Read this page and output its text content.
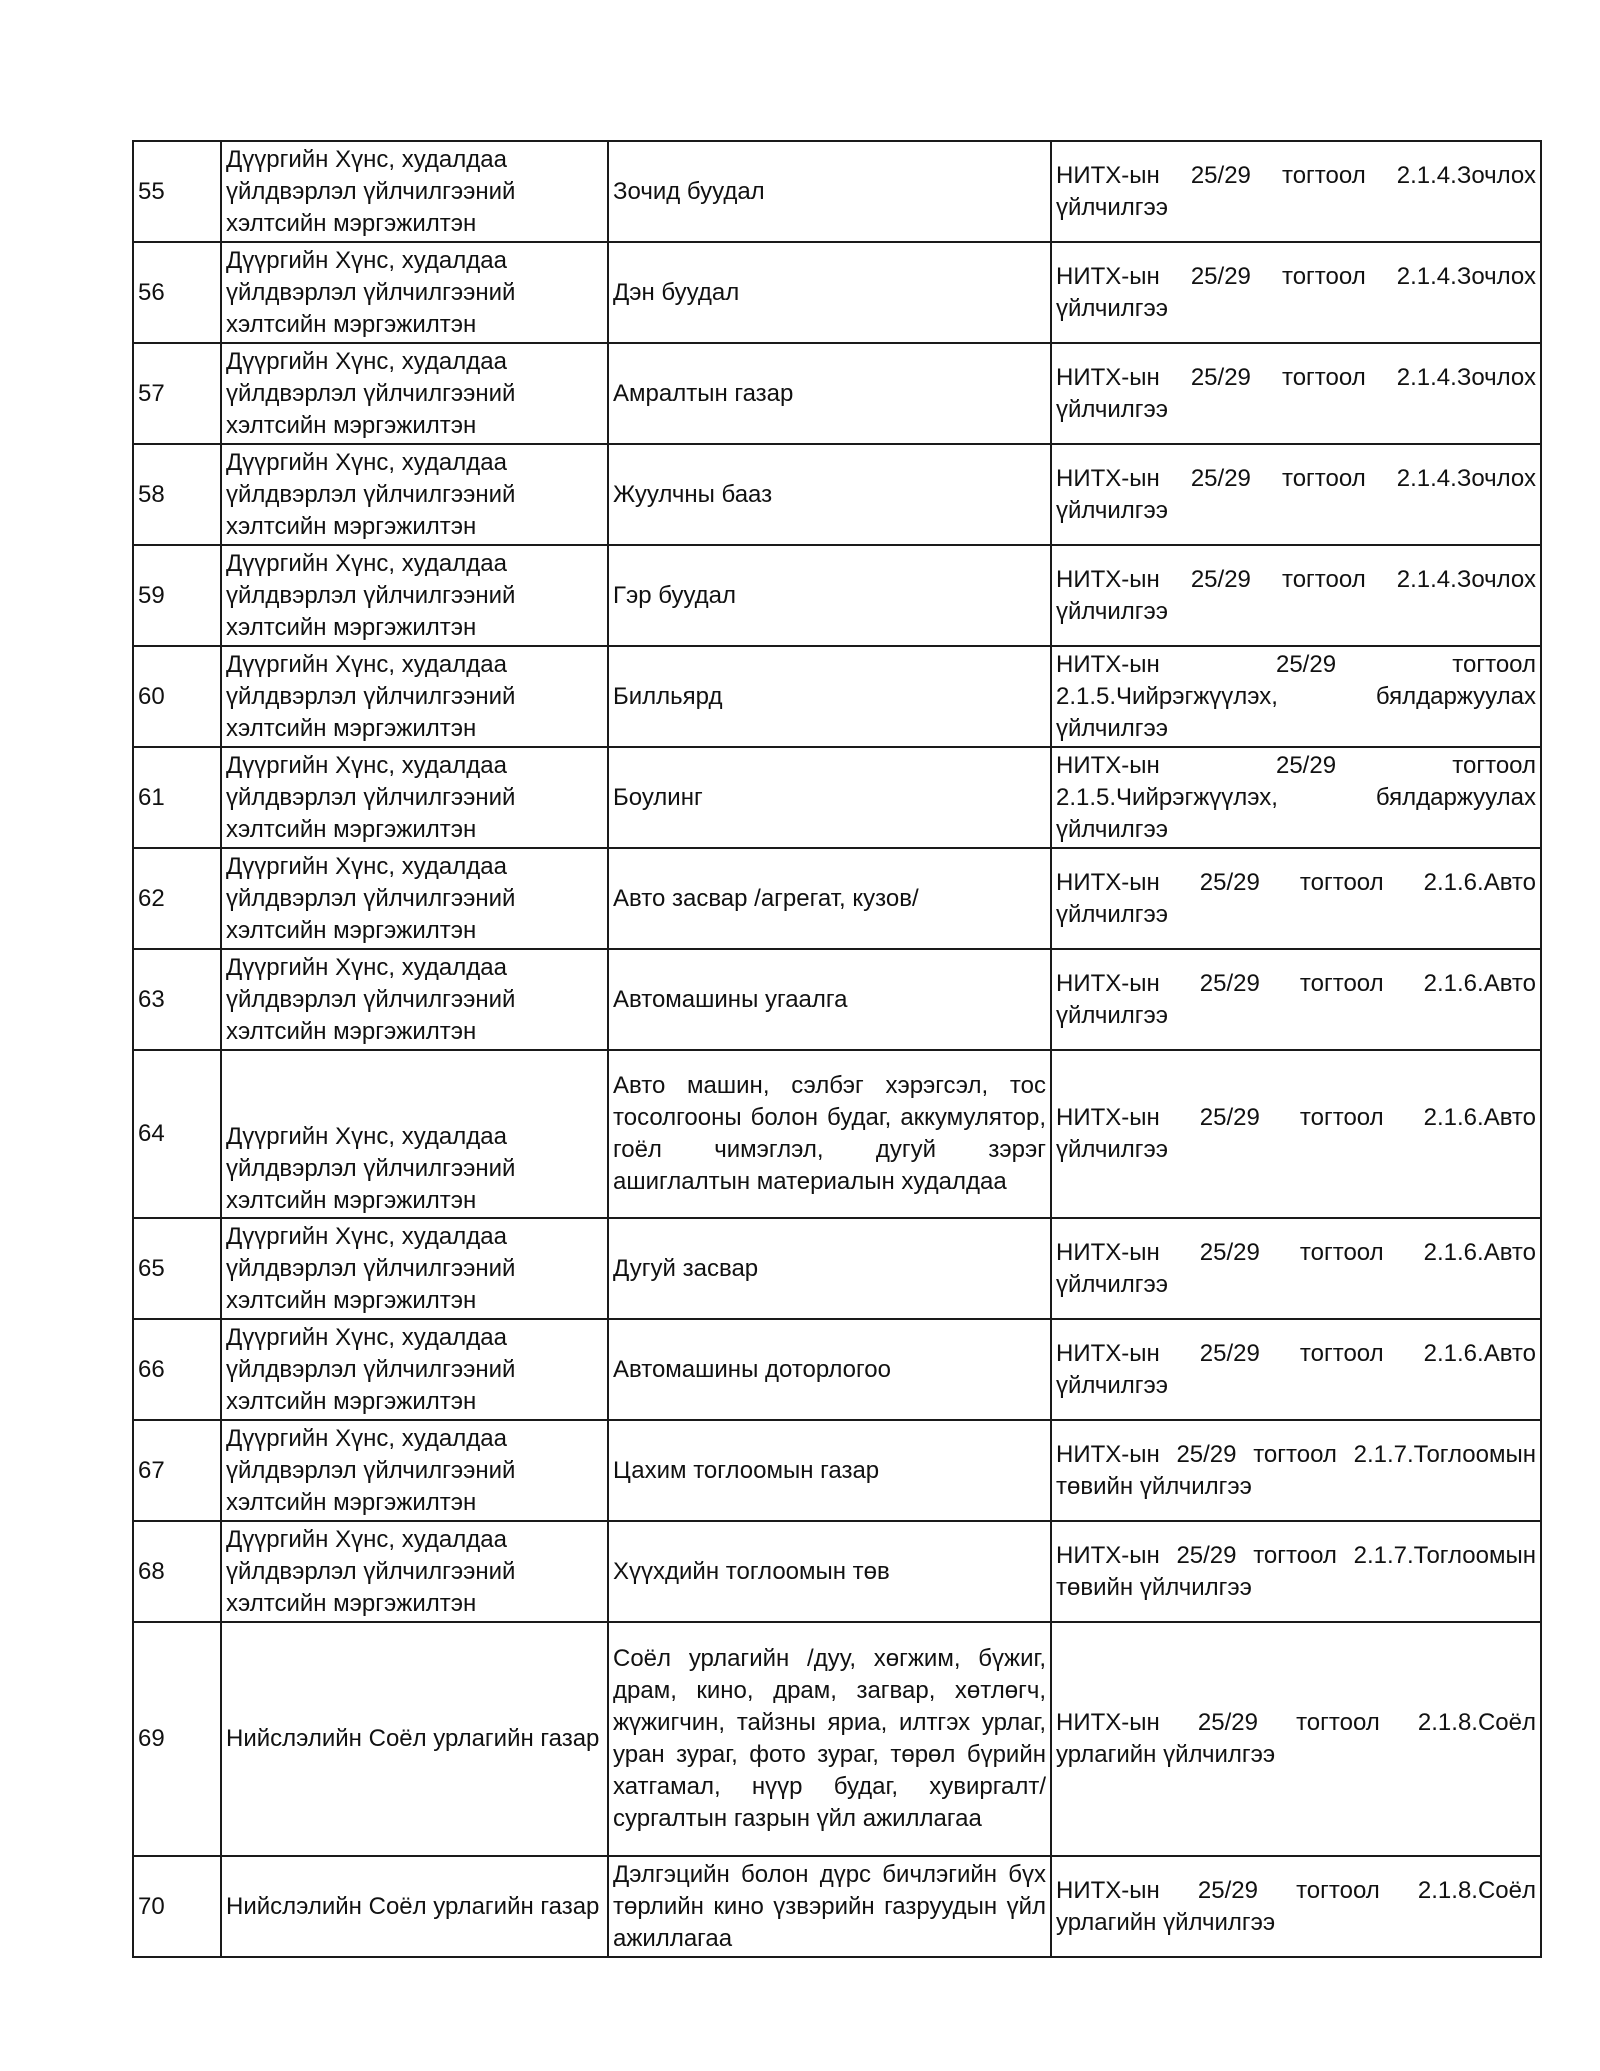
55	Дүүргийн Хүнс, худалдаа үйлдвэрлэл үйлчилгээний хэлтсийн мэргэжилтэн	Зочид буудал	НИТХ-ын 25/29 тогтоол 2.1.4.Зочлох үйлчилгээ
56	Дүүргийн Хүнс, худалдаа үйлдвэрлэл үйлчилгээний хэлтсийн мэргэжилтэн	Дэн буудал	НИТХ-ын 25/29 тогтоол 2.1.4.Зочлох үйлчилгээ
57	Дүүргийн Хүнс, худалдаа үйлдвэрлэл үйлчилгээний хэлтсийн мэргэжилтэн	Амралтын газар	НИТХ-ын 25/29 тогтоол 2.1.4.Зочлох үйлчилгээ
58	Дүүргийн Хүнс, худалдаа үйлдвэрлэл үйлчилгээний хэлтсийн мэргэжилтэн	Жуулчны бааз	НИТХ-ын 25/29 тогтоол 2.1.4.Зочлох үйлчилгээ
59	Дүүргийн Хүнс, худалдаа үйлдвэрлэл үйлчилгээний хэлтсийн мэргэжилтэн	Гэр буудал	НИТХ-ын 25/29 тогтоол 2.1.4.Зочлох үйлчилгээ
60	Дүүргийн Хүнс, худалдаа үйлдвэрлэл үйлчилгээний хэлтсийн мэргэжилтэн	Билльярд	НИТХ-ын 25/29 тогтоол 2.1.5.Чийрэгжүүлэх, бялдаржуулах үйлчилгээ
61	Дүүргийн Хүнс, худалдаа үйлдвэрлэл үйлчилгээний хэлтсийн мэргэжилтэн	Боулинг	НИТХ-ын 25/29 тогтоол 2.1.5.Чийрэгжүүлэх, бялдаржуулах үйлчилгээ
62	Дүүргийн Хүнс, худалдаа үйлдвэрлэл үйлчилгээний хэлтсийн мэргэжилтэн	Авто засвар /агрегат, кузов/	НИТХ-ын 25/29 тогтоол 2.1.6.Авто үйлчилгээ
63	Дүүргийн Хүнс, худалдаа үйлдвэрлэл үйлчилгээний хэлтсийн мэргэжилтэн	Автомашины угаалга	НИТХ-ын 25/29 тогтоол 2.1.6.Авто үйлчилгээ
64	Дүүргийн Хүнс, худалдаа үйлдвэрлэл үйлчилгээний хэлтсийн мэргэжилтэн	Авто машин, сэлбэг хэрэгсэл, тос тосолгооны болон будаг, аккумулятор, гоёл чимэглэл, дугуй зэрэг ашиглалтын материалын худалдаа	НИТХ-ын 25/29 тогтоол 2.1.6.Авто үйлчилгээ
65	Дүүргийн Хүнс, худалдаа үйлдвэрлэл үйлчилгээний хэлтсийн мэргэжилтэн	Дугуй засвар	НИТХ-ын 25/29 тогтоол 2.1.6.Авто үйлчилгээ
66	Дүүргийн Хүнс, худалдаа үйлдвэрлэл үйлчилгээний хэлтсийн мэргэжилтэн	Автомашины доторлогоо	НИТХ-ын 25/29 тогтоол 2.1.6.Авто үйлчилгээ
67	Дүүргийн Хүнс, худалдаа үйлдвэрлэл үйлчилгээний хэлтсийн мэргэжилтэн	Цахим тоглоомын газар	НИТХ-ын 25/29 тогтоол 2.1.7.Тоглоомын төвийн үйлчилгээ
68	Дүүргийн Хүнс, худалдаа үйлдвэрлэл үйлчилгээний хэлтсийн мэргэжилтэн	Хүүхдийн тоглоомын төв	НИТХ-ын 25/29 тогтоол 2.1.7.Тоглоомын төвийн үйлчилгээ
69	Нийслэлийн Соёл урлагийн газар	Соёл урлагийн /дуу, хөгжим, бүжиг, драм, кино, драм, загвар, хөтлөгч, жүжигчин, тайзны яриа, илтгэх урлаг, уран зураг, фото зураг, төрөл бүрийн хатгамал, нүүр будаг, хувиргалт/ сургалтын газрын үйл ажиллагаа	НИТХ-ын 25/29 тогтоол 2.1.8.Соёл урлагийн үйлчилгээ
70	Нийслэлийн Соёл урлагийн газар	Дэлгэцийн болон дүрс бичлэгийн бүх төрлийн кино үзвэрийн газруудын үйл ажиллагаа	НИТХ-ын 25/29 тогтоол 2.1.8.Соёл урлагийн үйлчилгээ
